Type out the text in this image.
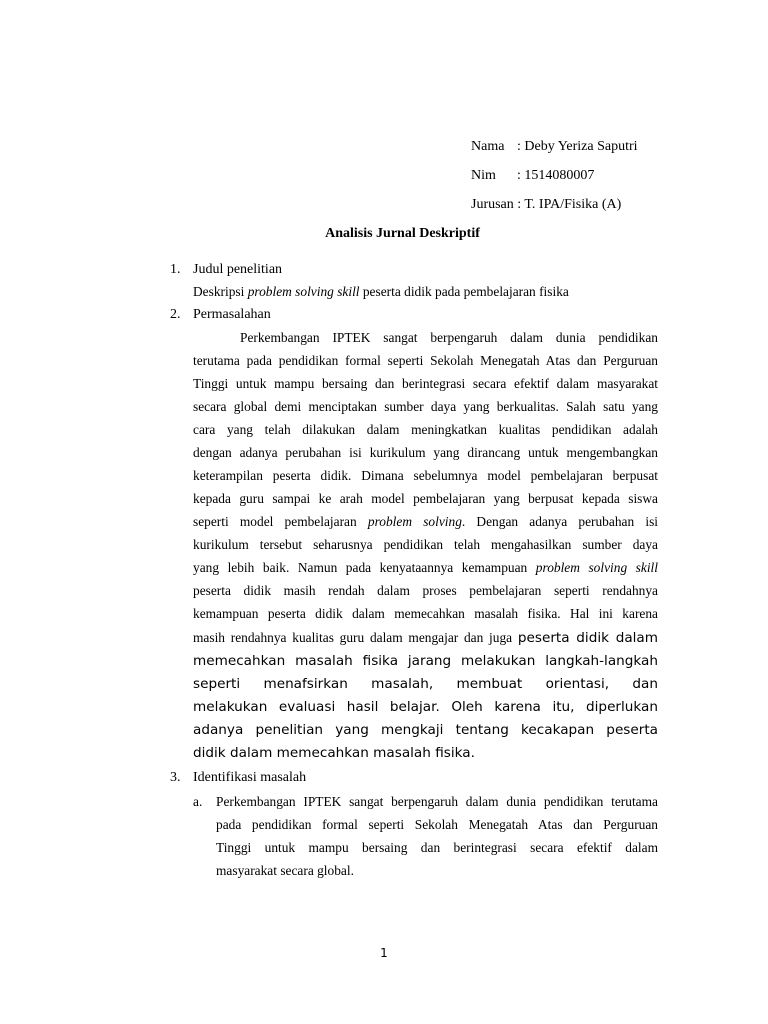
Nama : Deby Yeriza Saputri
Nim : 1514080007
Jurusan : T. IPA/Fisika (A)
Analisis Jurnal Deskriptif
1. Judul penelitian
Deskripsi problem solving skill peserta didik pada pembelajaran fisika
2. Permasalahan
Perkembangan IPTEK sangat berpengaruh dalam dunia pendidikan
terutama pada pendidikan formal seperti Sekolah Menegatah Atas dan Perguruan
Tinggi untuk mampu bersaing dan berintegrasi secara efektif dalam masyarakat
secara global demi menciptakan sumber daya yang berkualitas. Salah satu yang
cara yang telah dilakukan dalam meningkatkan kualitas pendidikan adalah
dengan adanya perubahan isi kurikulum yang dirancang untuk mengembangkan
keterampilan peserta didik. Dimana sebelumnya model pembelajaran berpusat
kepada guru sampai ke arah model pembelajaran yang berpusat kepada siswa
seperti model pembelajaran problem solving. Dengan adanya perubahan isi
kurikulum tersebut seharusnya pendidikan telah mengahasilkan sumber daya
yang lebih baik. Namun pada kenyataannya kemampuan problem solving skill
peserta didik masih rendah dalam proses pembelajaran seperti rendahnya
kemampuan peserta didik dalam memecahkan masalah fisika. Hal ini karena
masih rendahnya kualitas guru dalam mengajar dan juga peserta didik dalam
memecahkan masalah fisika jarang melakukan langkah-langkah
seperti menafsirkan masalah, membuat orientasi, dan
melakukan evaluasi hasil belajar. Oleh karena itu, diperlukan
adanya penelitian yang mengkaji tentang kecakapan peserta
didik dalam memecahkan masalah fisika.
3. Identifikasi masalah
a. Perkembangan IPTEK sangat berpengaruh dalam dunia pendidikan terutama
pada pendidikan formal seperti Sekolah Menegatah Atas dan Perguruan
Tinggi untuk mampu bersaing dan berintegrasi secara efektif dalam
masyarakat secara global.
1
